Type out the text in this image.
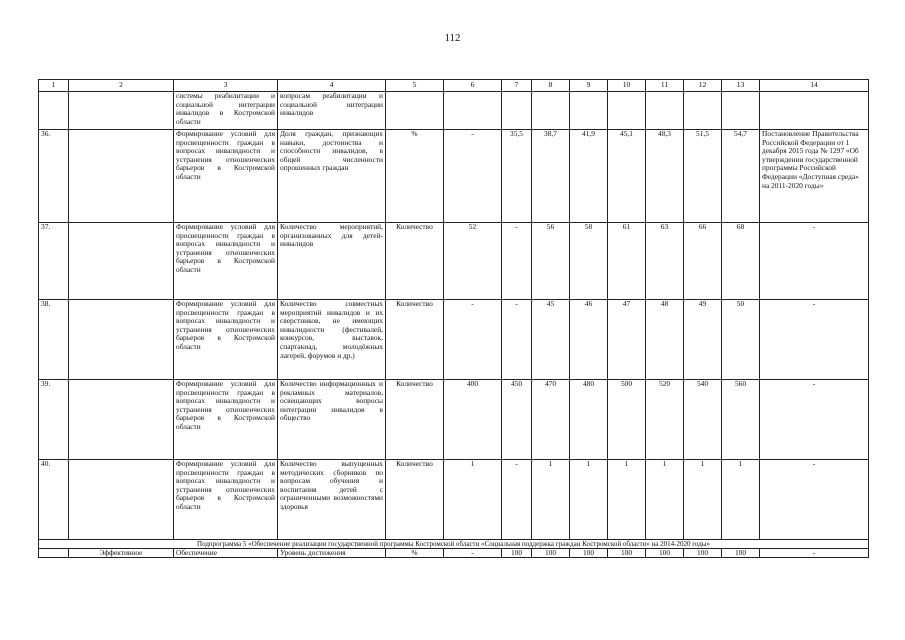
112
1	2	3	4	5	6	7	8	9	10	11	12	13	14
		системы реабилитации и социальной интеграции инвалидов в Костромской области	вопросам реабилитации и социальной интеграции инвалидов										
36.		Формирование условий для просвещенности граждан в вопросах инвалидности и устранения отношенческих барьеров в Костромской области	Доля граждан, признающих навыки, достоинства и способности инвалидов, в общей численности опрошенных граждан	%	-	35,5	38,7	41,9	45,1	48,3	51,5	54,7	Постановление Правительства Российской Федерации от 1 декабря 2015 года № 1297 «Об утверждении государственной программы Российской Федерации «Доступная среда» на 2011-2020 годы»
37.		Формирование условий для просвещенности граждан в вопросах инвалидности и устранения отношенческих барьеров в Костромской области	Количество мероприятий, организованных для детей-инвалидов	Количество	52	-	56	58	61	63	66	68	-
38.		Формирование условий для просвещенности граждан в вопросах инвалидности и устранения отношенческих барьеров в Костромской области	Количество совместных мероприятий инвалидов и их сверстников, не имеющих инвалидности (фестивалей, конкурсов, выставок, спартакиад, молодёжных лагерей, форумов и др.)	Количество	-	-	45	46	47	48	49	50	-
39.		Формирование условий для просвещенности граждан в вопросах инвалидности и устранения отношенческих барьеров в Костромской области	Количество информационных и рекламных материалов, освещающих вопросы интеграции инвалидов в общество	Количество	400	450	470	480	500	520	540	560	-
40.		Формирование условий для просвещенности граждан в вопросах инвалидности и устранения отношенческих барьеров в Костромской области	Количество выпущенных методических сборников по вопросам обучения и воспитания детей с ограниченными возможностями здоровья	Количество	1	-	1	1	1	1	1	1	-
Подпрограмма 5 «Обеспечение реализации государственной программы Костромской области «Социальная поддержка граждан Костромской области» на 2014-2020 годы»													
	Эффективное	Обеспечение	Уровень достижения	%	-	100	100	100	100	100	100	100	-
